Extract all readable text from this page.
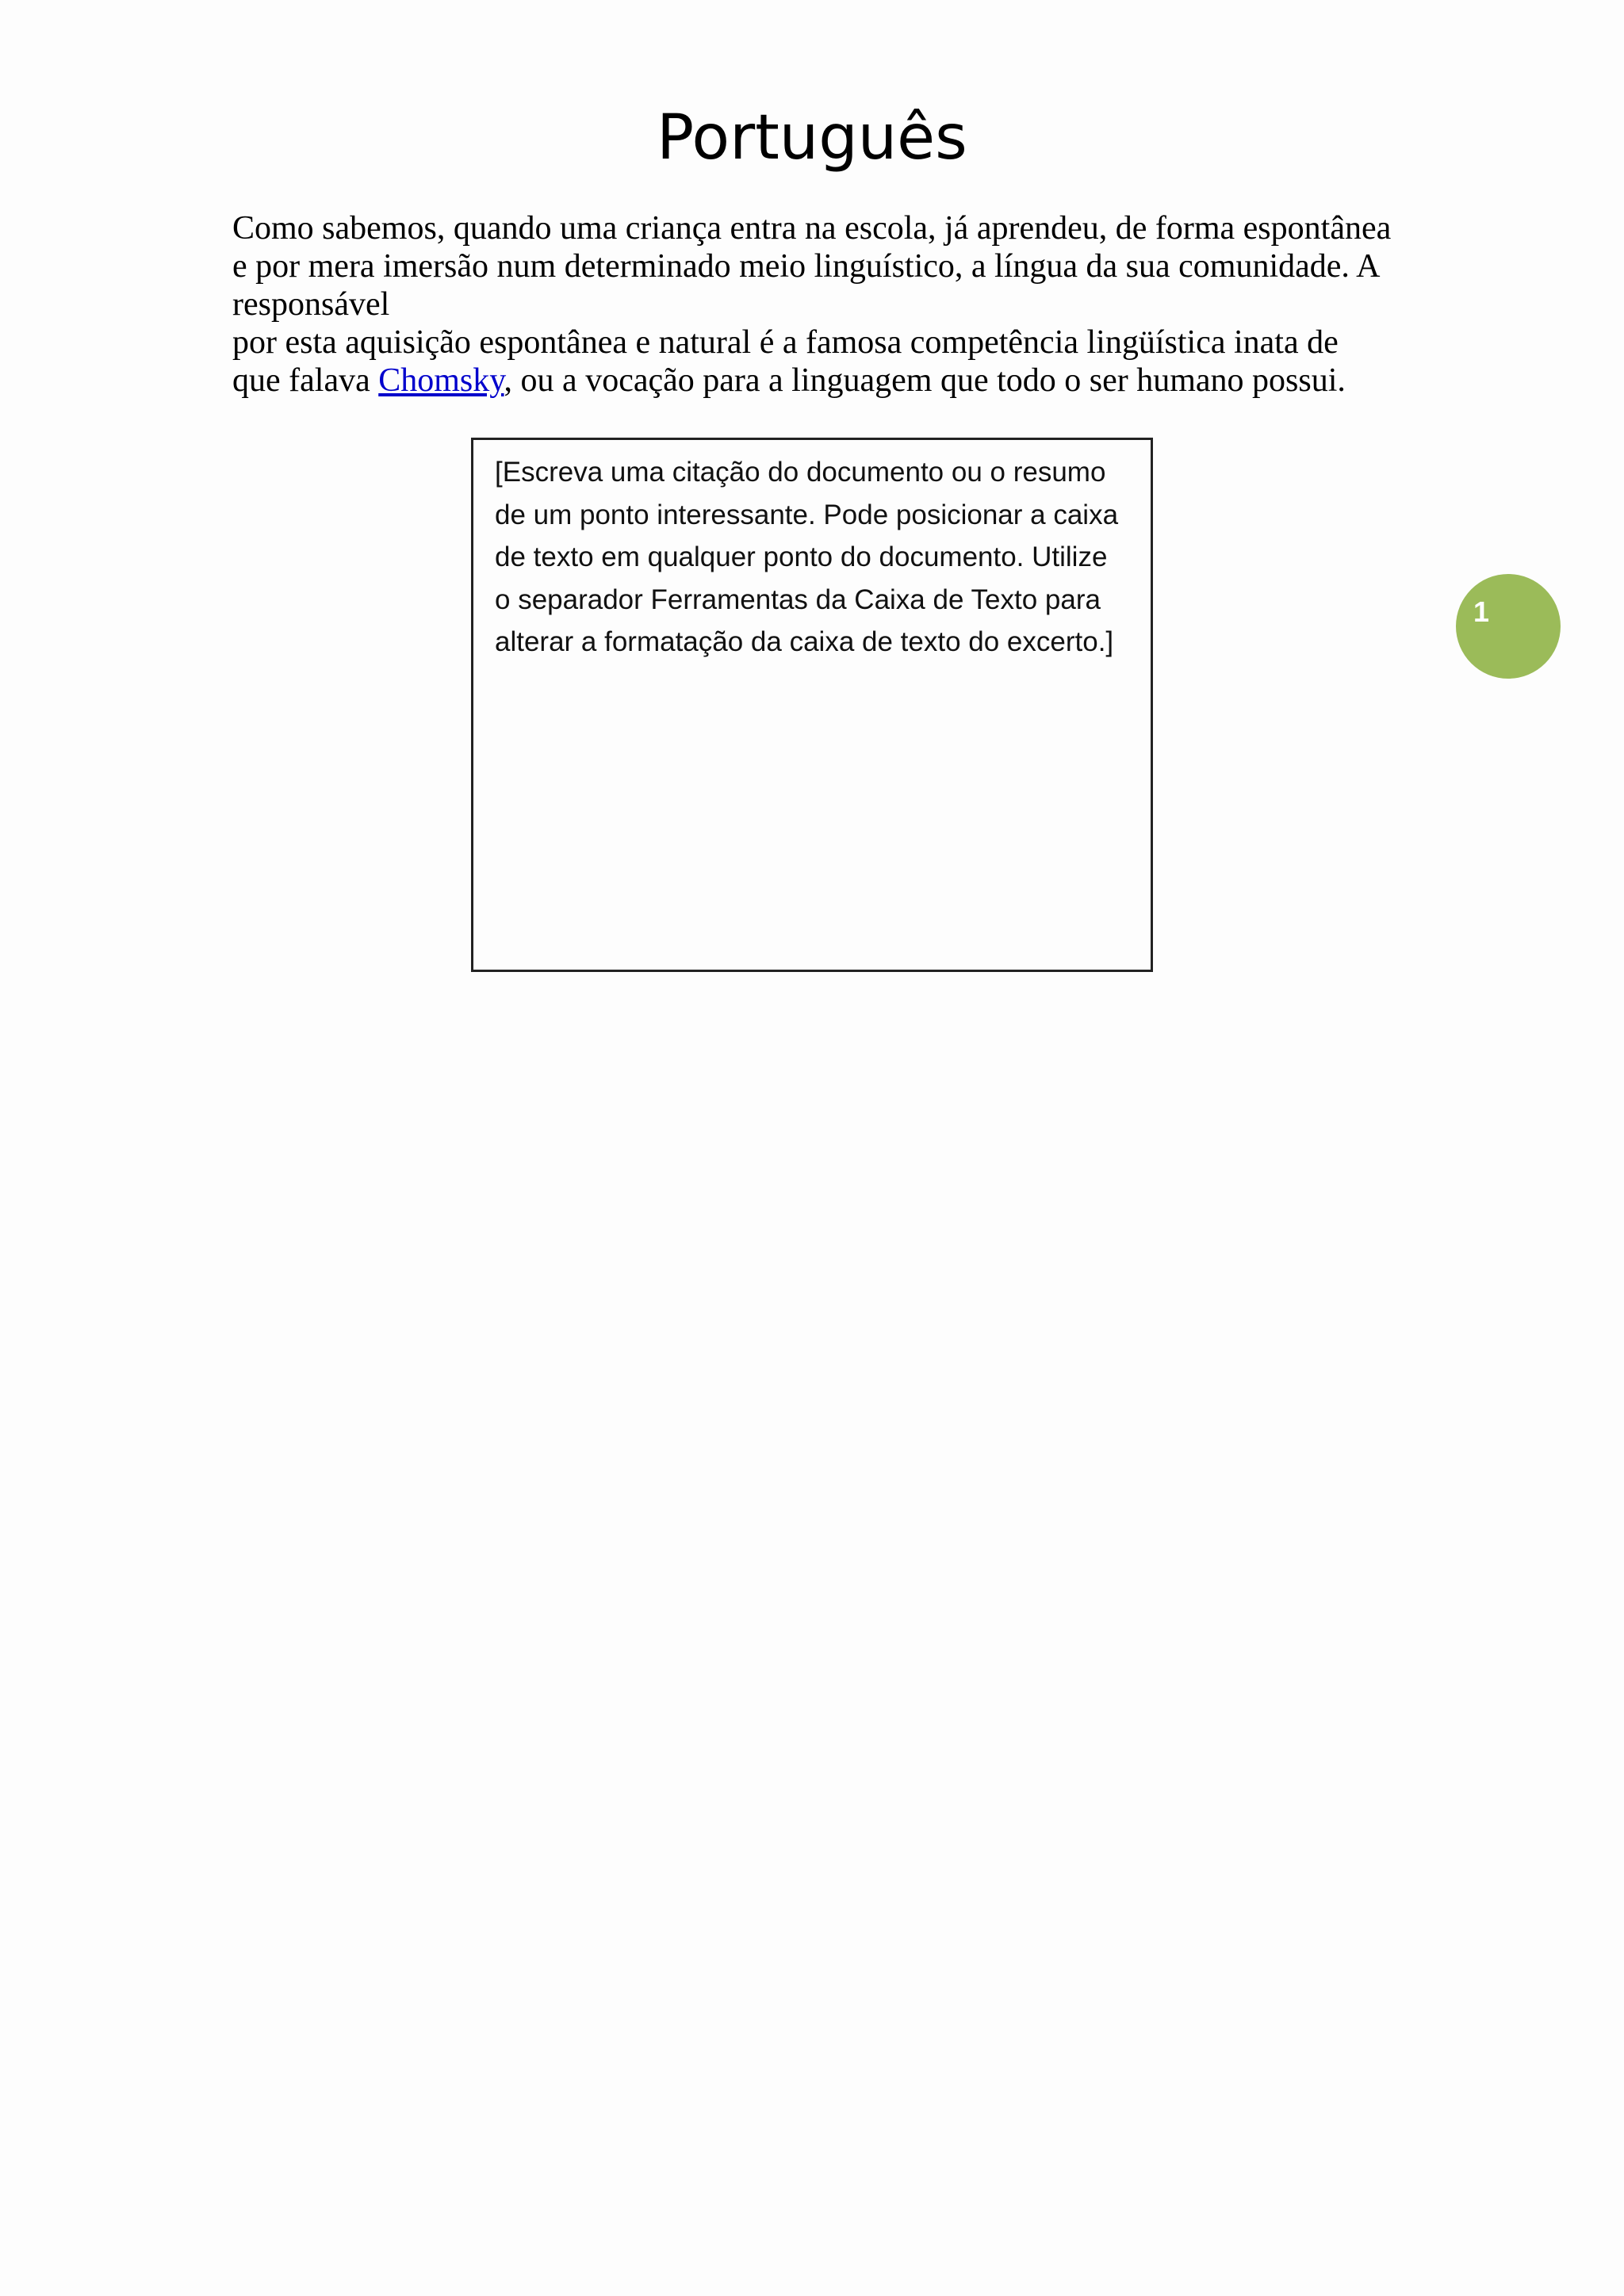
Português
Como sabemos, quando uma criança entra na escola, já aprendeu, de forma espontânea
e por mera imersão num determinado meio linguístico, a língua da sua comunidade. A
responsável
por esta aquisição espontânea e natural é a famosa competência lingüística inata de
que falava Chomsky, ou a vocação para a linguagem que todo o ser humano possui.
[Escreva uma citação do documento ou o resumo
de um ponto interessante. Pode posicionar a caixa
de texto em qualquer ponto do documento. Utilize
o separador Ferramentas da Caixa de Texto para
alterar a formatação da caixa de texto do excerto.]
1
